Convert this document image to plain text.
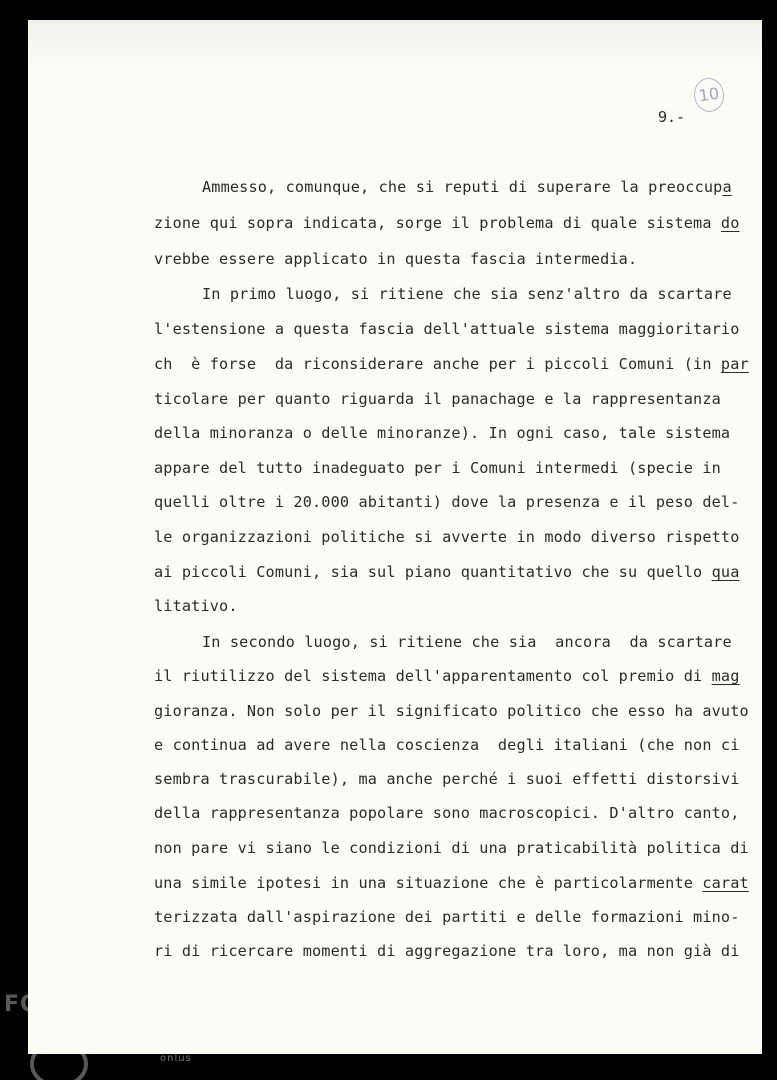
10
9.-
Ammesso, comunque, che si reputi di superare la preoccupa
zione qui sopra indicata, sorge il problema di quale sistema do
vrebbe essere applicato in questa fascia intermedia.
In primo luogo, si ritiene che sia senz'altro da scartare
l'estensione a questa fascia dell'attuale sistema maggioritario
ch  è forse  da riconsiderare anche per i piccoli Comuni (in par
ticolare per quanto riguarda il panachage e la rappresentanza
della minoranza o delle minoranze). In ogni caso, tale sistema
appare del tutto inadeguato per i Comuni intermedi (specie in
quelli oltre i 20.000 abitanti) dove la presenza e il peso del-
le organizzazioni politiche si avverte in modo diverso rispetto
ai piccoli Comuni, sia sul piano quantitativo che su quello qua
litativo.
In secondo luogo, si ritiene che sia  ancora  da scartare
il riutilizzo del sistema dell'apparentamento col premio di mag
gioranza. Non solo per il significato politico che esso ha avuto
e continua ad avere nella coscienza  degli italiani (che non ci
sembra trascurabile), ma anche perché i suoi effetti distorsivi
della rappresentanza popolare sono macroscopici. D'altro canto,
non pare vi siano le condizioni di una praticabilità politica di
una simile ipotesi in una situazione che è particolarmente carat
terizzata dall'aspirazione dei partiti e delle formazioni mino-
ri di ricercare momenti di aggregazione tra loro, ma non già di
FONDAZIONE
CRANIS
onlus
